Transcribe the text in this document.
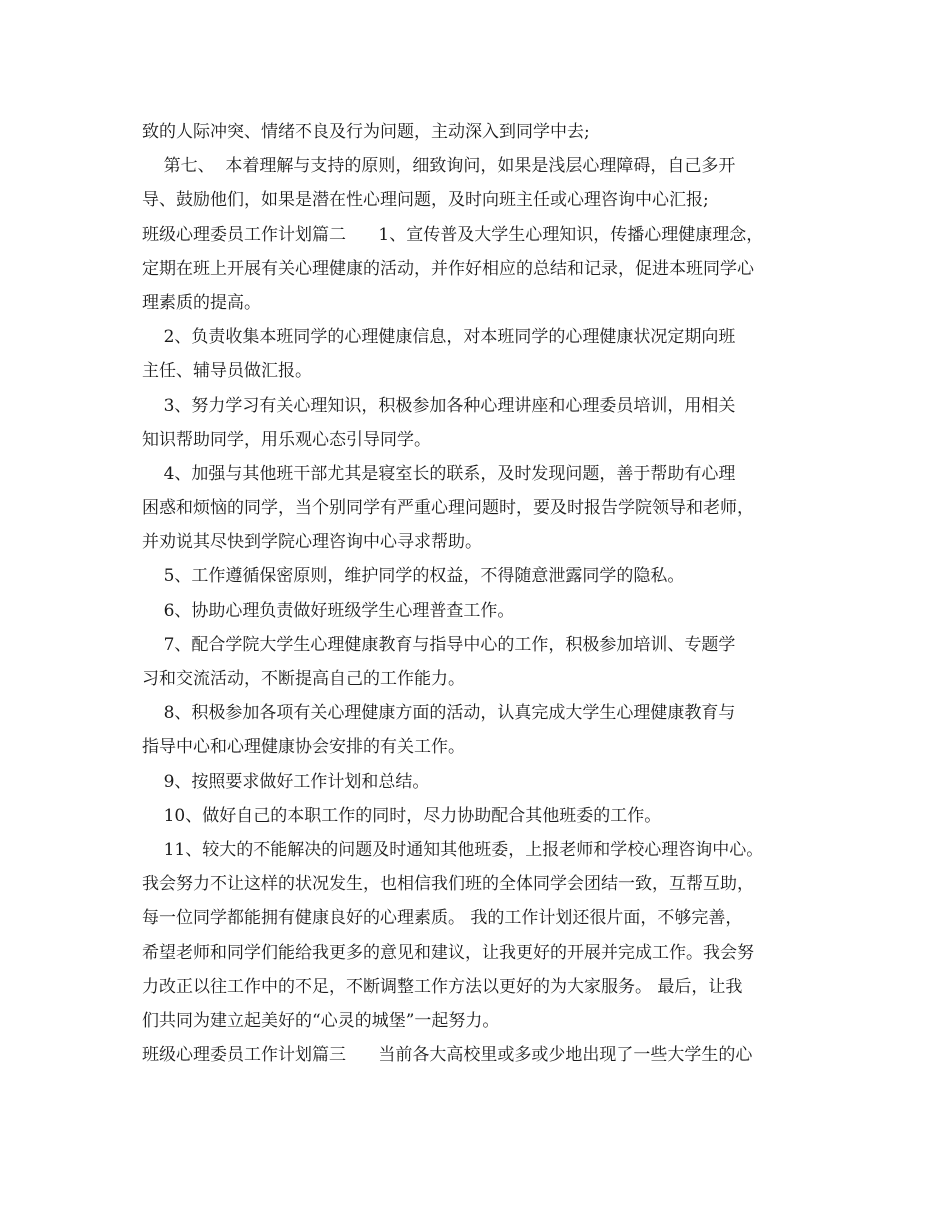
致的人际冲突、情绪不良及行为问题，主动深入到同学中去;
第七、  本着理解与支持的原则，细致询问，如果是浅层心理障碍，自己多开
导、鼓励他们，如果是潜在性心理问题，及时向班主任或心理咨询中心汇报;
班级心理委员工作计划篇二      1、宣传普及大学生心理知识，传播心理健康理念，
定期在班上开展有关心理健康的活动，并作好相应的总结和记录，促进本班同学心
理素质的提高。
2、负责收集本班同学的心理健康信息，对本班同学的心理健康状况定期向班
主任、辅导员做汇报。
3、努力学习有关心理知识，积极参加各种心理讲座和心理委员培训，用相关
知识帮助同学，用乐观心态引导同学。
4、加强与其他班干部尤其是寝室长的联系，及时发现问题，善于帮助有心理
困惑和烦恼的同学，当个别同学有严重心理问题时，要及时报告学院领导和老师，
并劝说其尽快到学院心理咨询中心寻求帮助。
5、工作遵循保密原则，维护同学的权益，不得随意泄露同学的隐私。
6、协助心理负责做好班级学生心理普查工作。
7、配合学院大学生心理健康教育与指导中心的工作，积极参加培训、专题学
习和交流活动，不断提高自己的工作能力。
8、积极参加各项有关心理健康方面的活动，认真完成大学生心理健康教育与
指导中心和心理健康协会安排的有关工作。
9、按照要求做好工作计划和总结。
10、做好自己的本职工作的同时，尽力协助配合其他班委的工作。
11、较大的不能解决的问题及时通知其他班委，上报老师和学校心理咨询中心。
我会努力不让这样的状况发生，也相信我们班的全体同学会团结一致，互帮互助，
每一位同学都能拥有健康良好的心理素质。 我的工作计划还很片面，不够完善，
希望老师和同学们能给我更多的意见和建议，让我更好的开展并完成工作。我会努
力改正以往工作中的不足，不断调整工作方法以更好的为大家服务。 最后，让我
们共同为建立起美好的“心灵的城堡”一起努力。
班级心理委员工作计划篇三      当前各大高校里或多或少地出现了一些大学生的心
